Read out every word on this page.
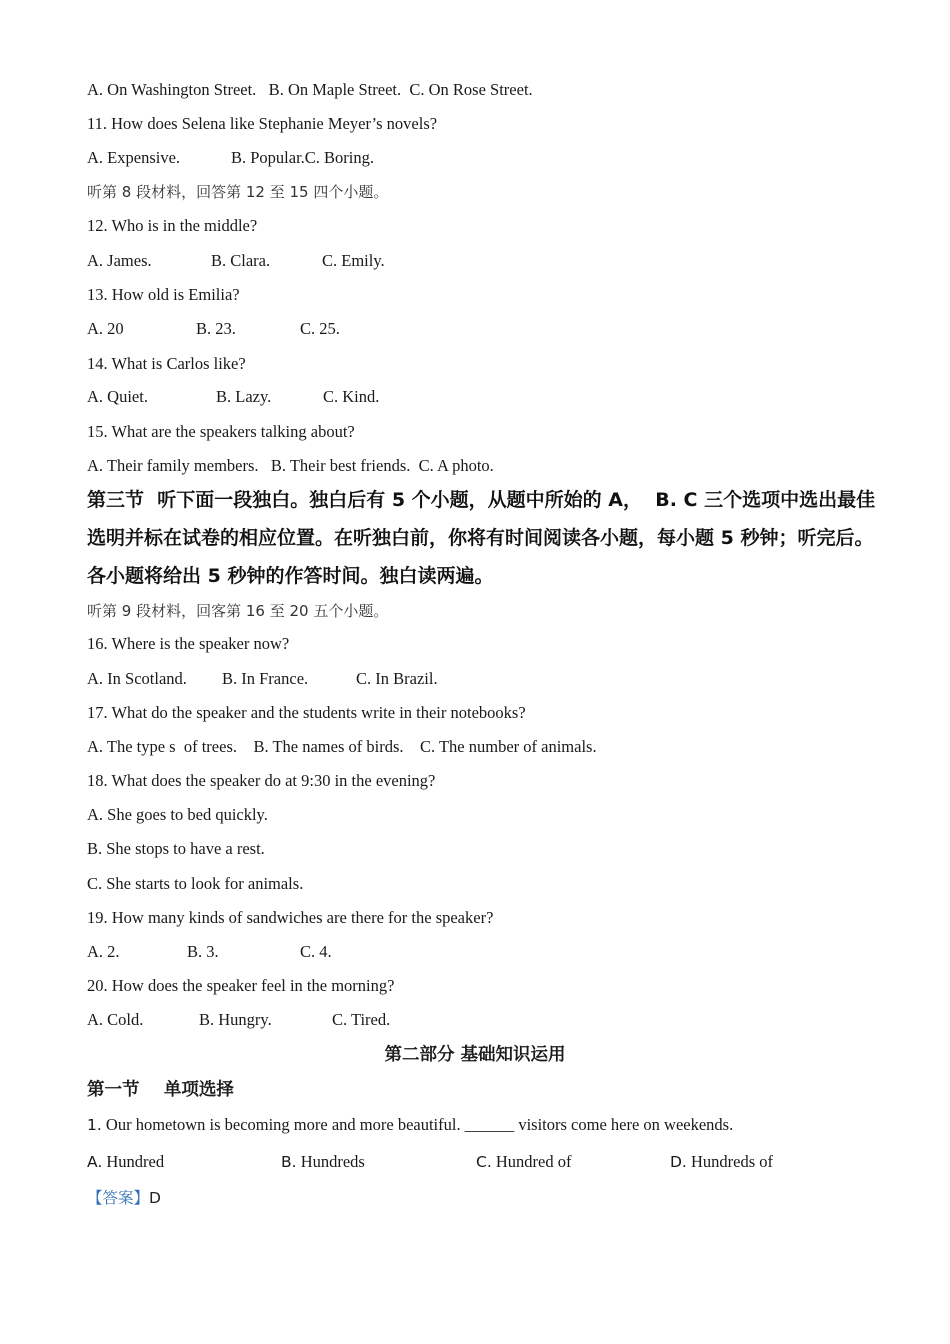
A. On Washington Street.   B. On Maple Street.  C. On Rose Street.
11. How does Selena like Stephanie Meyer’s novels?
A. Expensive.	B. Popular.C. Boring.
听第 8 段材料，回答第 12 至 15 四个小题。
12. Who is in the middle?
A. James.	B. Clara.	C. Emily.
13. How old is Emilia?
A. 20	B. 23.	C. 25.
14. What is Carlos like?
A. Quiet.	B. Lazy.	C. Kind.
15. What are the speakers talking about?
A. Their family members.   B. Their best friends.  C. A photo.
第三节  听下面一段独白。独白后有 5 个小题，从题中所始的 A，  B. C 三个选项中选出最佳
选明并标在试卷的相应位置。在听独白前，你将有时间阅读各小题，每小题 5 秒钟；听完后。
各小题将给出 5 秒钟的作答时间。独白读两遍。
听第 9 段材料，回客第 16 至 20 五个小题。
16. Where is the speaker now?
A. In Scotland. B. In France.	C. In Brazil.
17. What do the speaker and the students write in their notebooks?
A. The type s  of trees.    B. The names of birds.    C. The number of animals.
18. What does the speaker do at 9:30 in the evening?
A. She goes to bed quickly.
B. She stops to have a rest.
C. She starts to look for animals.
19. How many kinds of sandwiches are there for the speaker?
A. 2.	B. 3.	C. 4.
20. How does the speaker feel in the morning?
A. Cold.	B. Hungry.	C. Tired.
第二部分 基础知识运用
第一节    单项选择
1. Our hometown is becoming more and more beautiful. ______ visitors come here on weekends.
A. Hundred	B. Hundreds	C. Hundred of	D. Hundreds of
【答案】D
